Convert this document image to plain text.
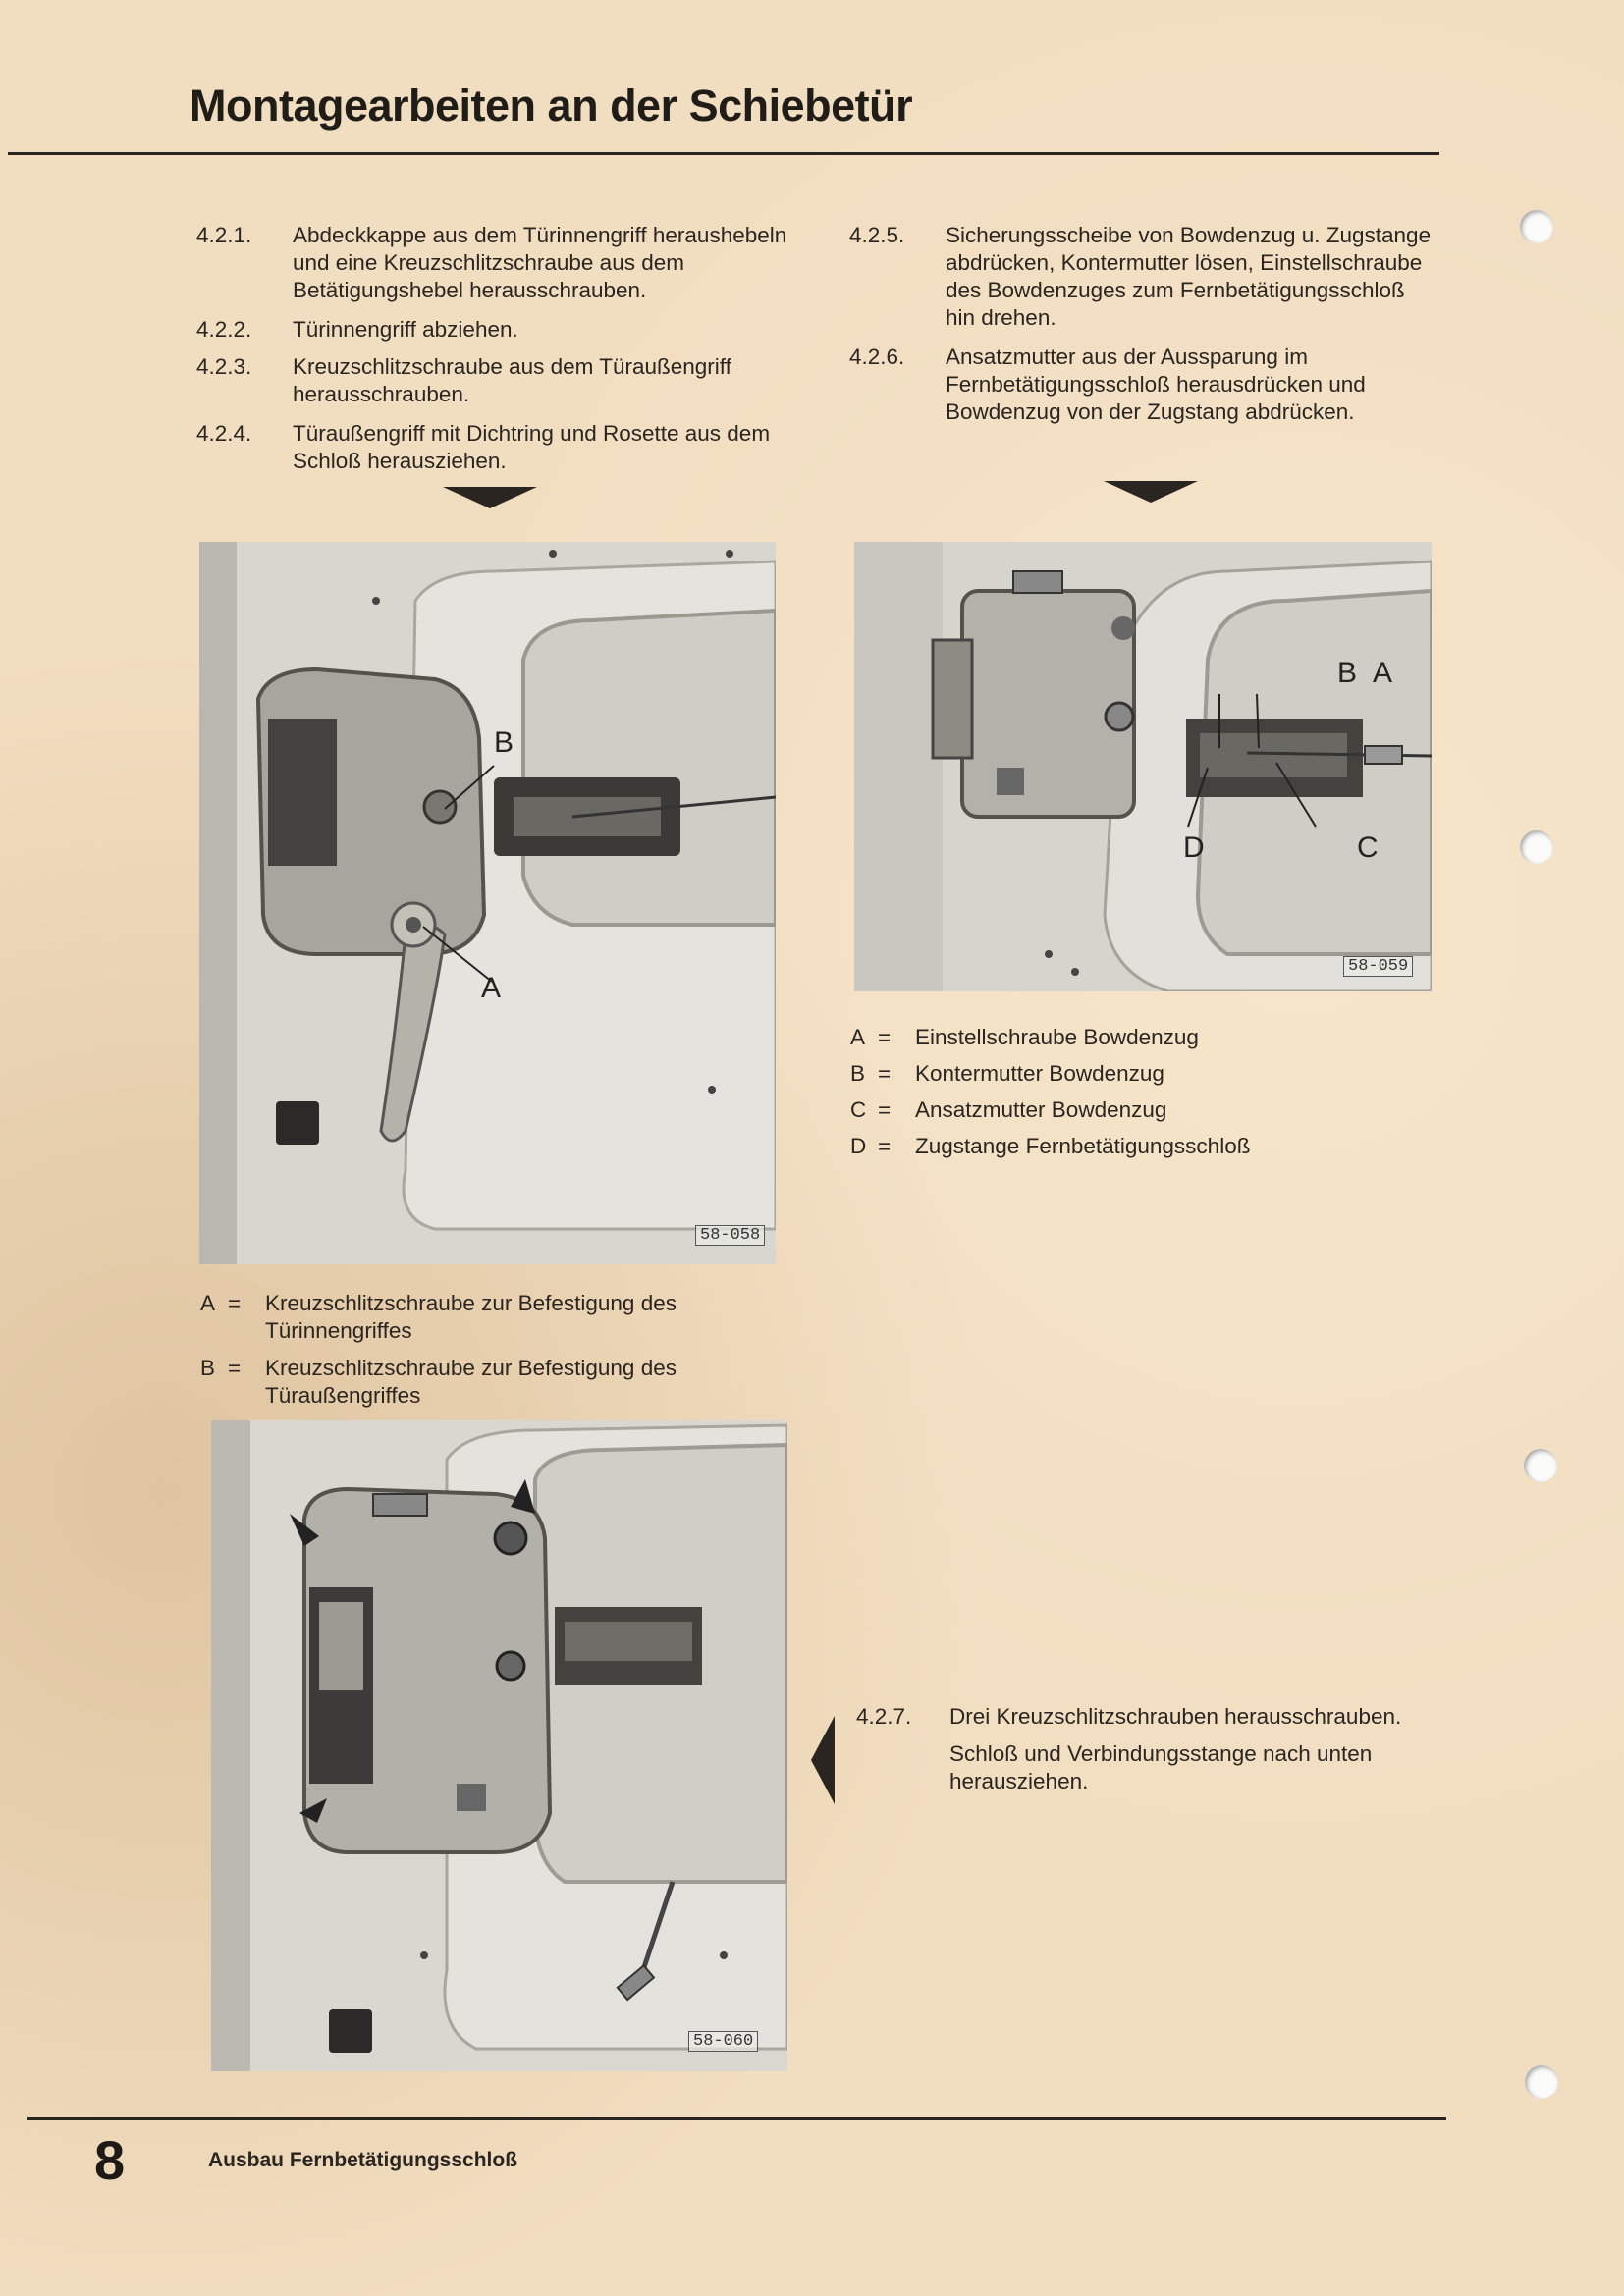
Montagearbeiten an der Schiebetür
4.2.1. Abdeckkappe aus dem Türinnengriff heraushebeln und eine Kreuzschlitzschraube aus dem Betätigungshebel herausschrauben.
4.2.2. Türinnengriff abziehen.
4.2.3. Kreuzschlitzschraube aus dem Türaußengriff herausschrauben.
4.2.4. Türaußengriff mit Dichtring und Rosette aus dem Schloß herausziehen.
4.2.5. Sicherungsscheibe von Bowdenzug u. Zugstange abdrücken, Kontermutter lösen, Einstellschraube des Bowdenzuges zum Fernbetätigungsschloß hin drehen.
4.2.6. Ansatzmutter aus der Aussparung im Fernbetätigungsschloß herausdrücken und Bowdenzug von der Zugstang abdrücken.
A
B
58-058
B A
D	C
58-059
A = Einstellschraube Bowdenzug
B = Kontermutter Bowdenzug
C = Ansatzmutter Bowdenzug
D = Zugstange Fernbetätigungsschloß
A = Kreuzschlitzschraube zur Befestigung des Türinnengriffes
B = Kreuzschlitzschraube zur Befestigung des Türaußengriffes
58-060
4.2.7. Drei Kreuzschlitzschrauben herausschrauben.
Schloß und Verbindungsstange nach unten herausziehen.
8	Ausbau Fernbetätigungsschloß
